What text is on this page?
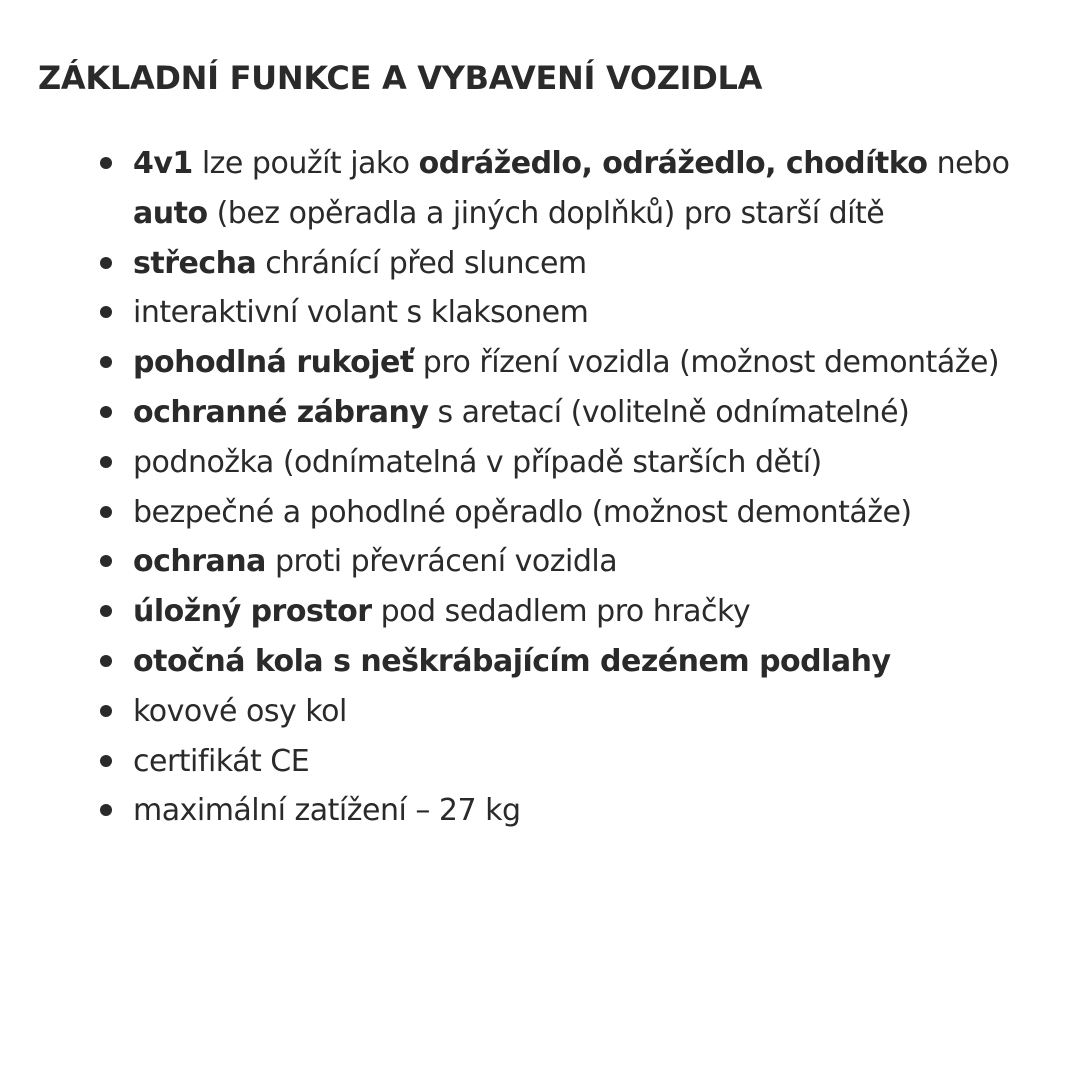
ZÁKLADNÍ FUNKCE A VYBAVENÍ VOZIDLA
4v1 lze použít jako odrážedlo, odrážedlo, chodítko nebo auto (bez opěradla a jiných doplňků) pro starší dítě
střecha chránící před sluncem
interaktivní volant s klaksonem
pohodlná rukojeť pro řízení vozidla (možnost demontáže)
ochranné zábrany s aretací (volitelně odnímatelné)
podnožka (odnímatelná v případě starších dětí)
bezpečné a pohodlné opěradlo (možnost demontáže)
ochrana proti převrácení vozidla
úložný prostor pod sedadlem pro hračky
otočná kola s neškrábajícím dezénem podlahy
kovové osy kol
certifikát CE
maximální zatížení – 27 kg
